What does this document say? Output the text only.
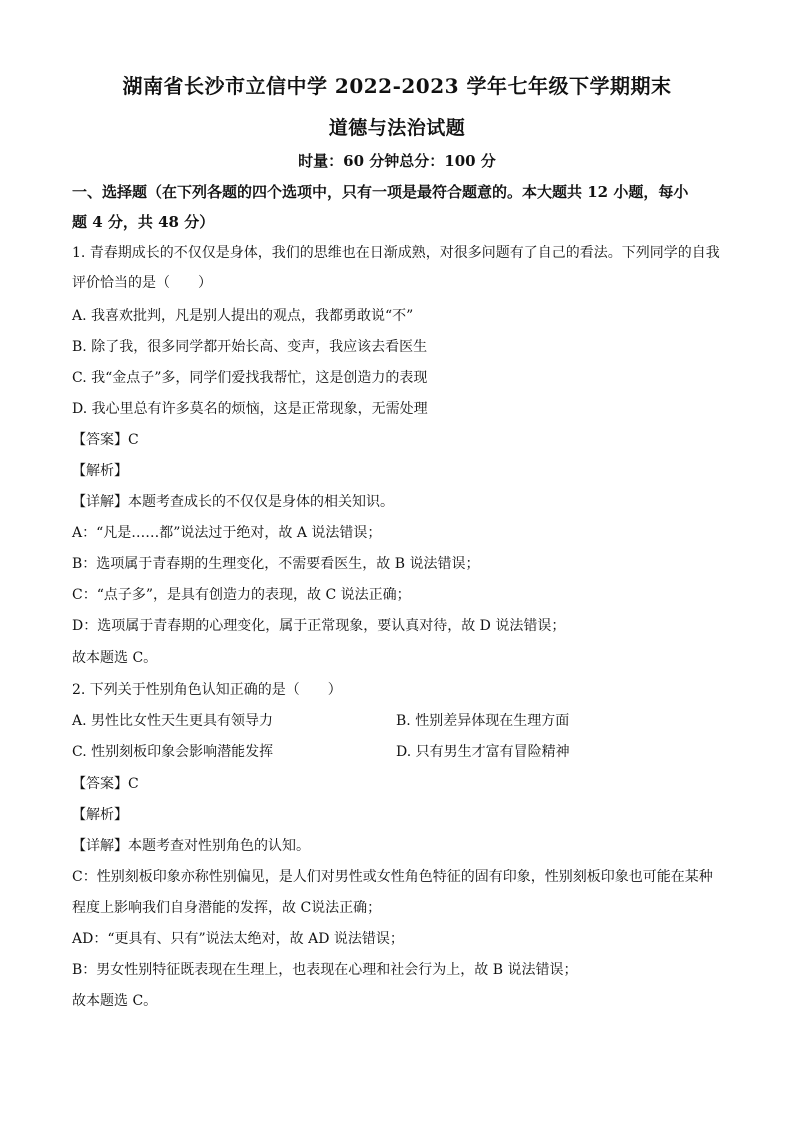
湖南省长沙市立信中学 2022-2023 学年七年级下学期期末
道德与法治试题
时量：60 分钟总分：100 分
一、选择题（在下列各题的四个选项中，只有一项是最符合题意的。本大题共 12 小题，每小
题 4 分，共 48 分）
1. 青春期成长的不仅仅是身体，我们的思维也在日渐成熟，对很多问题有了自己的看法。下列同学的自我
评价恰当的是（　　）
A. 我喜欢批判，凡是别人提出的观点，我都勇敢说“不”
B. 除了我，很多同学都开始长高、变声，我应该去看医生
C. 我“金点子”多，同学们爱找我帮忙，这是创造力的表现
D. 我心里总有许多莫名的烦恼，这是正常现象，无需处理
【答案】C
【解析】
【详解】本题考查成长的不仅仅是身体的相关知识。
A：“凡是……都”说法过于绝对，故 A 说法错误；
B：选项属于青春期的生理变化，不需要看医生，故 B 说法错误；
C：“点子多”，是具有创造力的表现，故 C 说法正确；
D：选项属于青春期的心理变化，属于正常现象，要认真对待，故 D 说法错误；
故本题选 C。
2. 下列关于性别角色认知正确的是（　　）
A. 男性比女性天生更具有领导力	B. 性别差异体现在生理方面
C. 性别刻板印象会影响潜能发挥	D. 只有男生才富有冒险精神
【答案】C
【解析】
【详解】本题考查对性别角色的认知。
C：性别刻板印象亦称性别偏见，是人们对男性或女性角色特征的固有印象，性别刻板印象也可能在某种
程度上影响我们自身潜能的发挥，故 C说法正确；
AD：“更具有、只有”说法太绝对，故 AD 说法错误；
B：男女性别特征既表现在生理上，也表现在心理和社会行为上，故 B 说法错误；
故本题选 C。
